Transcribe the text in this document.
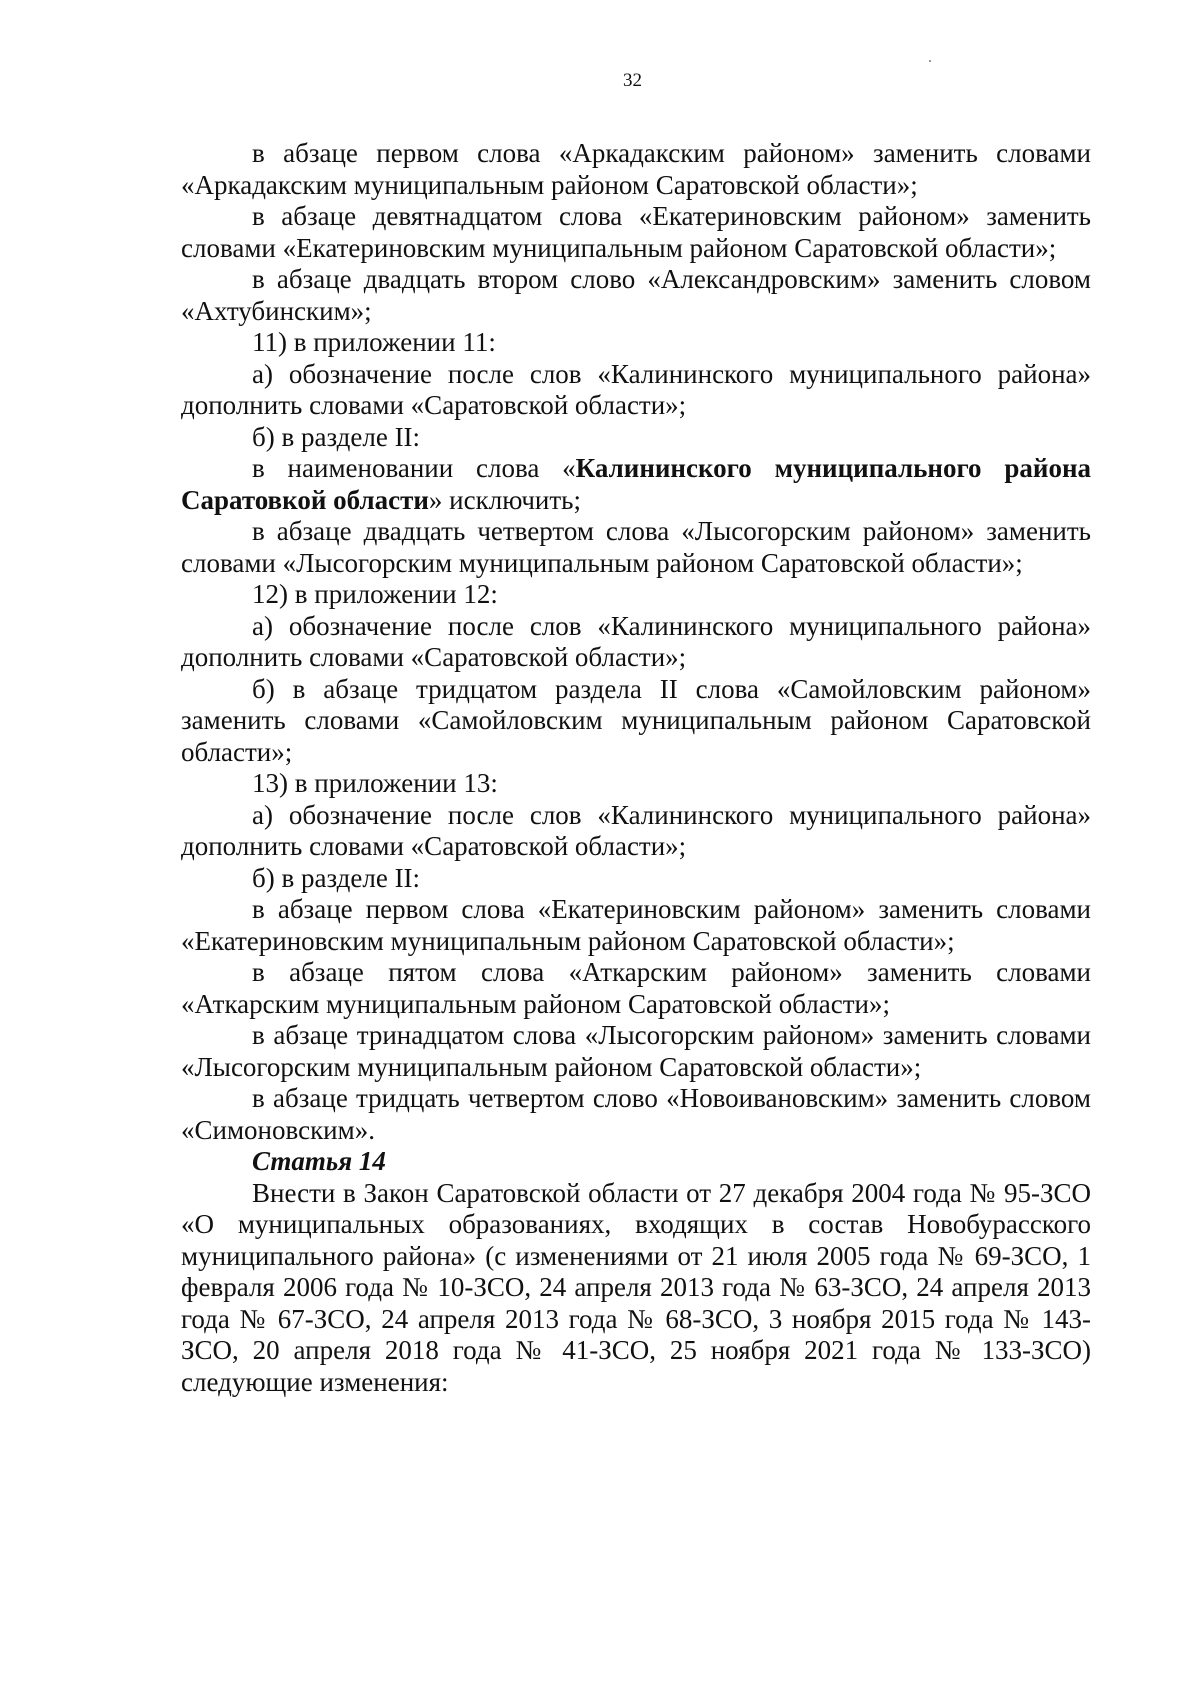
32

в абзаце первом слова «Аркадакским районом» заменить словами «Аркадакским муниципальным районом Саратовской области»;

в абзаце девятнадцатом слова «Екатериновским районом» заменить словами «Екатериновским муниципальным районом Саратовской области»;

в абзаце двадцать втором слово «Александровским» заменить словом «Ахтубинским»;

11) в приложении 11:

а) обозначение после слов «Калининского муниципального района» дополнить словами «Саратовской области»;

б) в разделе II:

в наименовании слова «Калининского муниципального района Саратовкой области» исключить;

в абзаце двадцать четвертом слова «Лысогорским районом» заменить словами «Лысогорским муниципальным районом Саратовской области»;

12) в приложении 12:

а) обозначение после слов «Калининского муниципального района» дополнить словами «Саратовской области»;

б) в абзаце тридцатом раздела II слова «Самойловским районом» заменить словами «Самойловским муниципальным районом Саратовской области»;

13) в приложении 13:

а) обозначение после слов «Калининского муниципального района» дополнить словами «Саратовской области»;

б) в разделе II:

в абзаце первом слова «Екатериновским районом» заменить словами «Екатериновским муниципальным районом Саратовской области»;

в абзаце пятом слова «Аткарским районом» заменить словами «Аткарским муниципальным районом Саратовской области»;

в абзаце тринадцатом слова «Лысогорским районом» заменить словами «Лысогорским муниципальным районом Саратовской области»;

в абзаце тридцать четвертом слово «Новоивановским» заменить словом «Симоновским».

Статья 14

Внести в Закон Саратовской области от 27 декабря 2004 года № 95-ЗСО «О муниципальных образованиях, входящих в состав Новобурасского муниципального района» (с изменениями от 21 июля 2005 года № 69-ЗСО, 1 февраля 2006 года № 10-ЗСО, 24 апреля 2013 года № 63-ЗСО, 24 апреля 2013 года № 67-ЗСО, 24 апреля 2013 года № 68-ЗСО, 3 ноября 2015 года № 143-ЗСО, 20 апреля 2018 года № 41-ЗСО, 25 ноября 2021 года № 133-ЗСО) следующие изменения:
